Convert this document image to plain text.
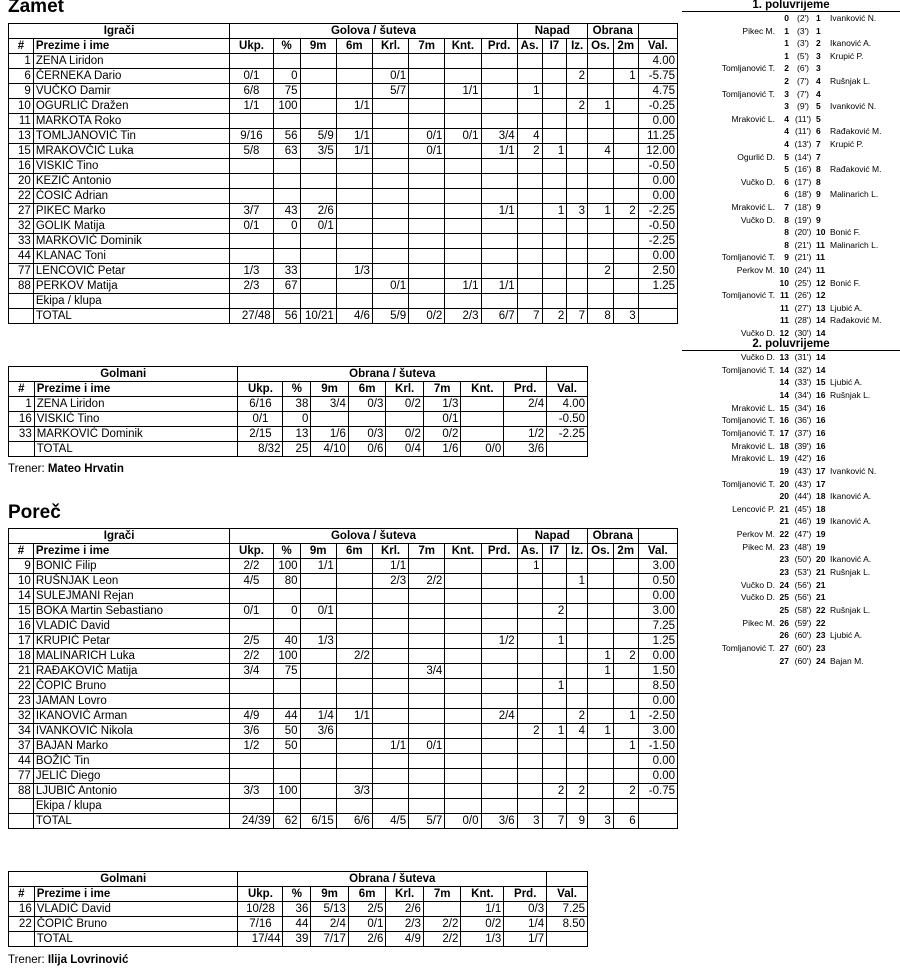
Zamet
Igrači		Golova / šuteva								Napad			Obrana		
#	Prezime i ime	Ukp.	%	9m	6m	Krl.	7m	Knt.	Prd.	As.	I7	Iz.	Os.	2m	Val.
1	ZENA Liridon														4.00
6	ČERNEKA Dario	0/1	0			0/1						2		1	-5.75
9	VUČKO Damir	6/8	75			5/7		1/1		1					4.75
10	OGURLIĆ Dražen	1/1	100		1/1							2	1		-0.25
11	MARKOTA Roko														0.00
13	TOMLJANOVIĆ Tin	9/16	56	5/9	1/1		0/1	0/1	3/4	4					11.25
15	MRAKOVČIĆ Luka	5/8	63	3/5	1/1		0/1		1/1	2	1		4		12.00
16	VISKIĆ Tino														-0.50
20	KEZIĆ Antonio														0.00
22	ĆOSIĆ Adrian														0.00
27	PIKEC Marko	3/7	43	2/6					1/1		1	3	1	2	-2.25
32	GOLIK Matija	0/1	0	0/1											-0.50
33	MARKOVIĆ Dominik														-2.25
44	KLANAC Toni														0.00
77	LENCOVIĆ Petar	1/3	33		1/3								2		2.50
88	PERKOV Matija	2/3	67			0/1		1/1	1/1						1.25
	Ekipa / klupa														
	TOTAL	27/48	56	10/21	4/6	5/9	0/2	2/3	6/7	7	2	7	8	3	
Golmani		Obrana / šuteva								
#	Prezime i ime	Ukp.	%	9m	6m	Krl.	7m	Knt.	Prd.	Val.
1	ZENA Liridon	6/16	38	3/4	0/3	0/2	1/3		2/4	4.00
16	VISKIĆ Tino	0/1	0				0/1			-0.50
33	MARKOVIĆ Dominik	2/15	13	1/6	0/3	0/2	0/2		1/2	-2.25
	TOTAL	8/32	25	4/10	0/6	0/4	1/6	0/0	3/6	
Trener: Mateo Hrvatin
Poreč
Igrači		Golova / šuteva								Napad			Obrana		
#	Prezime i ime	Ukp.	%	9m	6m	Krl.	7m	Knt.	Prd.	As.	I7	Iz.	Os.	2m	Val.
9	BONIĆ Filip	2/2	100	1/1		1/1				1					3.00
10	RUŠNJAK Leon	4/5	80			2/3	2/2					1			0.50
14	SULEJMANI Rejan														0.00
15	BOKA Martin Sebastiano	0/1	0	0/1							2				3.00
16	VLADIĆ David														7.25
17	KRUPIĆ Petar	2/5	40	1/3					1/2		1				1.25
18	MALINARICH Luka	2/2	100		2/2								1	2	0.00
21	RAĐAKOVIĆ Matija	3/4	75				3/4						1		1.50
22	ČOPIĆ Bruno										1				8.50
23	JAMAN Lovro														0.00
32	IKANOVIĆ Arman	4/9	44	1/4	1/1				2/4			2		1	-2.50
34	IVANKOVIĆ Nikola	3/6	50	3/6						2	1	4	1		3.00
37	BAJAN Marko	1/2	50			1/1	0/1							1	-1.50
44	BOŽIĆ Tin														0.00
77	JELIĆ Diego														0.00
88	LJUBIĆ Antonio	3/3	100		3/3						2	2		2	-0.75
	Ekipa / klupa														
	TOTAL	24/39	62	6/15	6/6	4/5	5/7	0/0	3/6	3	7	9	3	6	
Golmani		Obrana / šuteva								
#	Prezime i ime	Ukp.	%	9m	6m	Krl.	7m	Knt.	Prd.	Val.
16	VLADIĆ David	10/28	36	5/13	2/5	2/6		1/1	0/3	7.25
22	ČOPIĆ Bruno	7/16	44	2/4	0/1	2/3	2/2	0/2	1/4	8.50
	TOTAL	17/44	39	7/17	2/6	4/9	2/2	1/3	1/7	
Trener: Ilija Lovrinović
1. poluvrijeme
2. poluvrijeme
0 (2') 1	Ivanković N.
Pikec M.	1 (3') 1
1 (3') 2	Ikanović A.
1 (5') 3	Krupić P.
Tomljanović T.	2 (6') 3
2 (7') 4	Rušnjak L.
Tomljanović T.	3 (7') 4
3 (9') 5	Ivanković N.
Mraković L.	4 (11') 5
4 (11') 6	Rađaković M.
4 (13') 7	Krupić P.
Ogurlić D.	5 (14') 7
5 (16') 8	Rađaković M.
Vučko D.	6 (17') 8
6 (18') 9	Malinarich L.
Mraković L.	7 (18') 9
Vučko D.	8 (19') 9
8 (20') 10 Bonić F.
8 (21') 11 Malinarich L.
Tomljanović T.	9 (21') 11
Perkov M. 10 (24') 11
10 (25') 12 Bonić F.
Tomljanović T. 11 (26') 12
11 (27') 13 Ljubić A.
11 (28') 14 Rađaković M.
Vučko D. 12 (30') 14
Vučko D. 13 (31') 14
Tomljanović T. 14 (32') 14
14 (33') 15 Ljubić A.
14 (34') 16 Rušnjak L.
Mraković L. 15 (34') 16
Tomljanović T. 16 (36') 16
Tomljanović T. 17 (37') 16
Mraković L. 18 (39') 16
Mraković L. 19 (42') 16
19 (43') 17 Ivanković N.
Tomljanović T. 20 (43') 17
20 (44') 18 Ikanović A.
Lencović P. 21 (45') 18
21 (46') 19 Ikanović A.
Perkov M. 22 (47') 19
Pikec M. 23 (48') 19
23 (50') 20 Ikanović A.
23 (53') 21 Rušnjak L.
Vučko D. 24 (56') 21
Vučko D. 25 (56') 21
25 (58') 22 Rušnjak L.
Pikec M. 26 (59') 22
26 (60') 23 Ljubić A.
Tomljanović T. 27 (60') 23
27 (60') 24 Bajan M.
